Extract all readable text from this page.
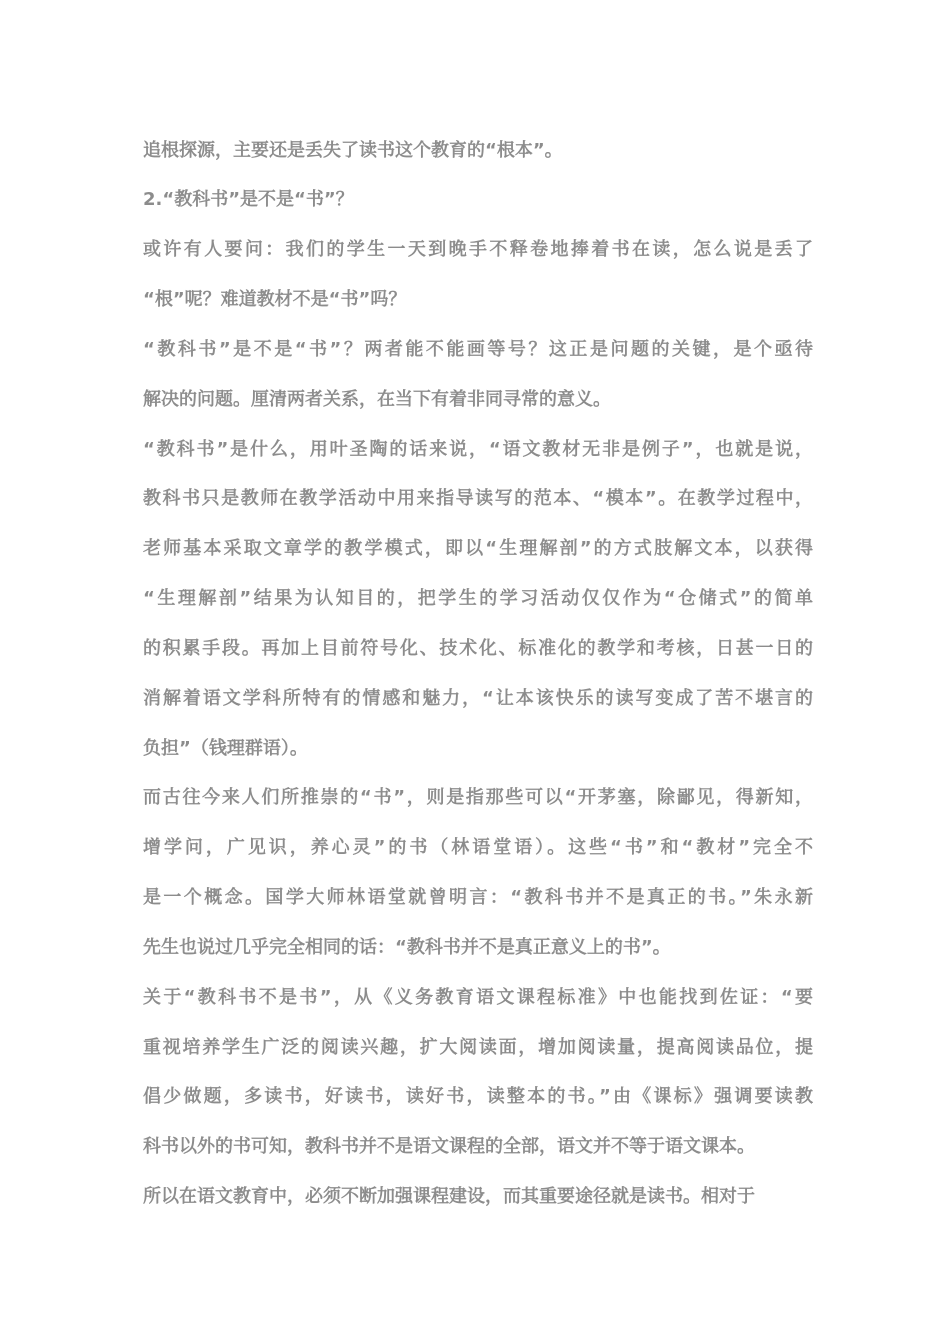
追根探源，主要还是丢失了读书这个教育的“根本”。
2.“教科书”是不是“书”？
或许有人要问：我们的学生一天到晚手不释卷地捧着书在读，怎么说是丢了
“根”呢？难道教材不是“书”吗？
“教科书”是不是“书”？两者能不能画等号？这正是问题的关键，是个亟待
解决的问题。厘清两者关系，在当下有着非同寻常的意义。
“教科书”是什么，用叶圣陶的话来说，“语文教材无非是例子”，也就是说，
教科书只是教师在教学活动中用来指导读写的范本、“模本”。在教学过程中，
老师基本采取文章学的教学模式，即以“生理解剖”的方式肢解文本，以获得
“生理解剖”结果为认知目的，把学生的学习活动仅仅作为“仓储式”的简单
的积累手段。再加上目前符号化、技术化、标准化的教学和考核，日甚一日的
消解着语文学科所特有的情感和魅力，“让本该快乐的读写变成了苦不堪言的
负担”（钱理群语）。
而古往今来人们所推崇的“书”，则是指那些可以“开茅塞，除鄙见，得新知，
增学问，广见识，养心灵”的书（林语堂语）。这些“书”和“教材”完全不
是一个概念。国学大师林语堂就曾明言：“教科书并不是真正的书。”朱永新
先生也说过几乎完全相同的话：“教科书并不是真正意义上的书”。
关于“教科书不是书”，从《义务教育语文课程标准》中也能找到佐证：“要
重视培养学生广泛的阅读兴趣，扩大阅读面，增加阅读量，提高阅读品位，提
倡少做题，多读书，好读书，读好书，读整本的书。”由《课标》强调要读教
科书以外的书可知，教科书并不是语文课程的全部，语文并不等于语文课本。
所以在语文教育中，必须不断加强课程建设，而其重要途径就是读书。相对于
